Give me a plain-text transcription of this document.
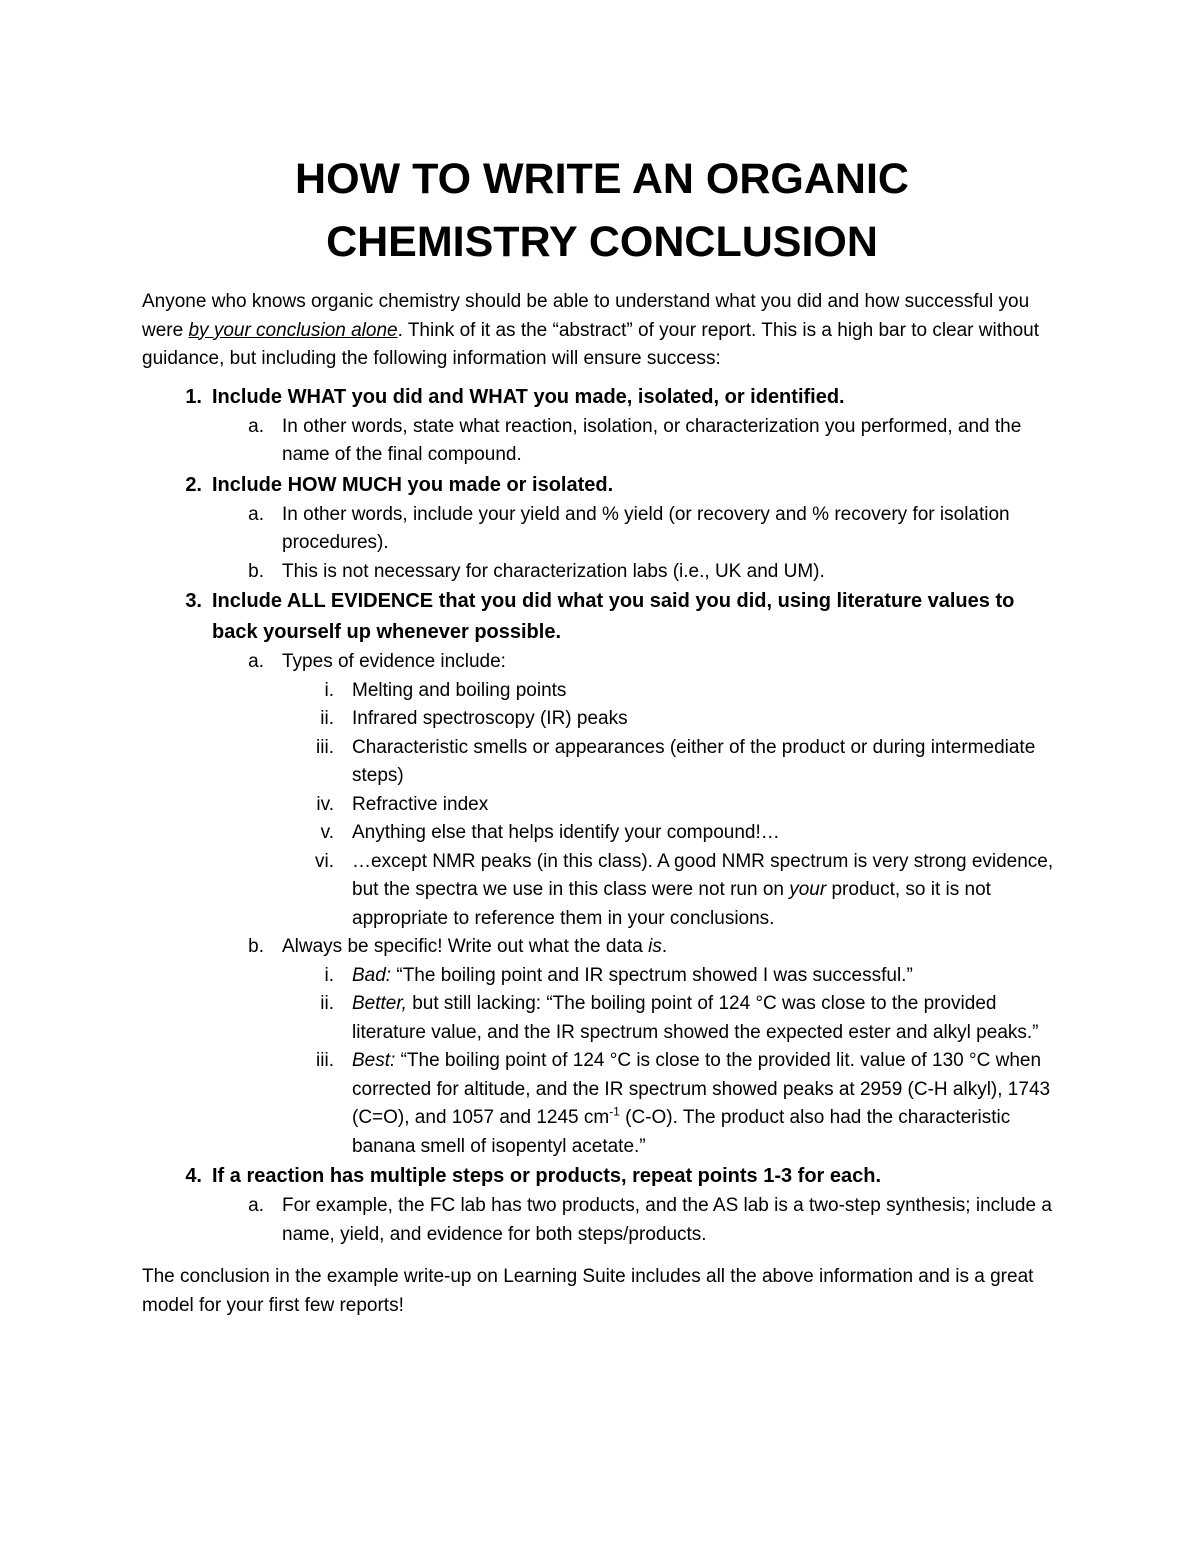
HOW TO WRITE AN ORGANIC
CHEMISTRY CONCLUSION

Anyone who knows organic chemistry should be able to understand what you did and how successful you were by your conclusion alone. Think of it as the “abstract” of your report. This is a high bar to clear without guidance, but including the following information will ensure success:

1. Include WHAT you did and WHAT you made, isolated, or identified.
a. In other words, state what reaction, isolation, or characterization you performed, and the name of the final compound.
2. Include HOW MUCH you made or isolated.
a. In other words, include your yield and % yield (or recovery and % recovery for isolation procedures).
b. This is not necessary for characterization labs (i.e., UK and UM).
3. Include ALL EVIDENCE that you did what you said you did, using literature values to back yourself up whenever possible.
a. Types of evidence include:
i. Melting and boiling points
ii. Infrared spectroscopy (IR) peaks
iii. Characteristic smells or appearances (either of the product or during intermediate steps)
iv. Refractive index
v. Anything else that helps identify your compound!…
vi. …except NMR peaks (in this class). A good NMR spectrum is very strong evidence, but the spectra we use in this class were not run on your product, so it is not appropriate to reference them in your conclusions.
b. Always be specific! Write out what the data is.
i. Bad: “The boiling point and IR spectrum showed I was successful.”
ii. Better, but still lacking: “The boiling point of 124 °C was close to the provided literature value, and the IR spectrum showed the expected ester and alkyl peaks.”
iii. Best: “The boiling point of 124 °C is close to the provided lit. value of 130 °C when corrected for altitude, and the IR spectrum showed peaks at 2959 (C-H alkyl), 1743 (C=O), and 1057 and 1245 $cm^{-1}$ (C-O). The product also had the characteristic banana smell of isopentyl acetate.”
4. If a reaction has multiple steps or products, repeat points 1-3 for each.
a. For example, the FC lab has two products, and the AS lab is a two-step synthesis; include a name, yield, and evidence for both steps/products.

The conclusion in the example write-up on Learning Suite includes all the above information and is a great model for your first few reports!
